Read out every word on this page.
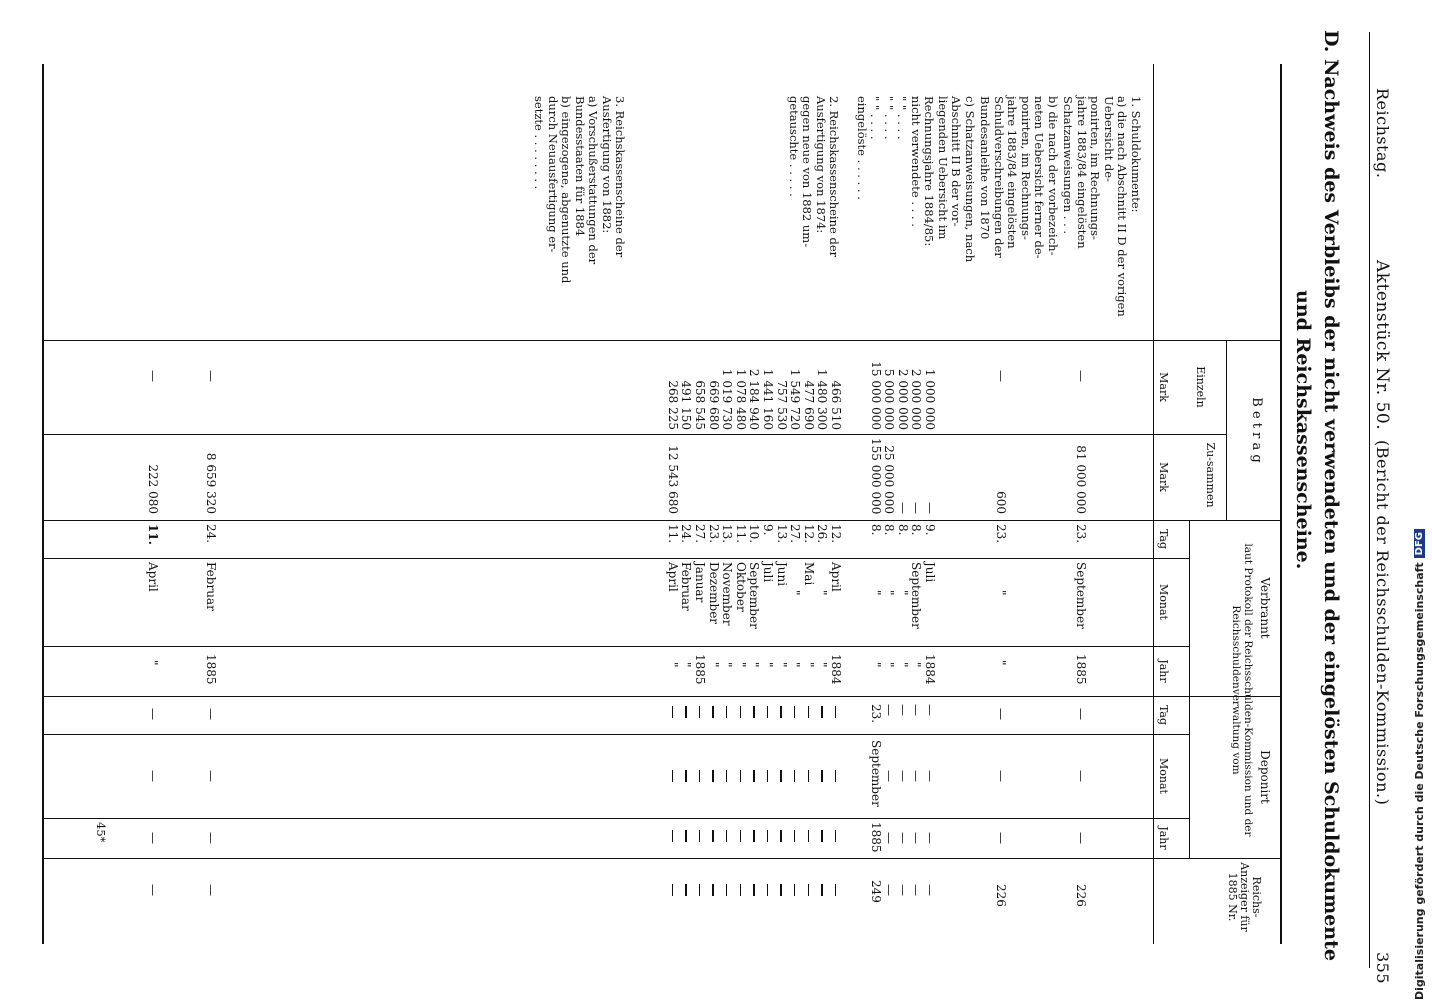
Reichstag.
Aktenstück Nr. 50.
(Bericht der Reichsschulden-Kommission.)
355
D. Nachweis des Verbleibs der nicht verwendeten und der eingelösten Schuldokumente
und Reichskassenscheine.
B e t r a g
Einzeln
Zu-sammen
Mark
Mark
Verbrannt
Deponirt
laut Protokoll der Reichsschulden-Kommission und der Reichsschuldenverwaltung vom
Tag
Monat
Jahr
Tag
Monat
Jahr
Reichs-Anzeiger für 1885 Nr.
1. Schuldokumente:
a) die nach Abschnitt II D der vorigen Uebersicht de-
ponirten, im Rechnungs-
jahre 1883/84 eingelösten
Schatzanweisungen . . .
b) die nach der vorbezeich-
neten Uebersicht ferner de-
ponirten, im Rechnungs-
jahre 1883/84 eingelösten
Schuldverschreibungen der
Bundesanleihe von 1870
c) Schatzanweisungen, nach
Abschnitt II B der vor-
liegenden Uebersicht im
Rechnungsjahre 1884/85:
nicht verwendete . . . .
" " . . . .
" " . . . .
" " . . . .
eingelöste . . . . . .
2. Reichskassenscheine der
Ausfertigung von 1874:
gegen neue von 1882 um-
getauschte . . . . .
3. Reichskassenscheine der
Ausfertigung von 1882:
a) Vorschußerstattungen der
Bundesstaaten für 1884
b) eingezogene, abgenutzte und
durch Neuausfertigung er-
setzte . . . . . . . .
—
81 000 000
23.
September
1885
—
—
—
226
—
600
23.
"
"
—
—
—
226
1 000 000
2 000 000
2 000 000
5 000 000
15 000 000
—
—
—
25 000 000
155 000 000
9.
8.
8.
8.
8.
Juli
September
"
"
"
1884
"
"
"
"
—
—
—
—
23.
—
—
—
—
September
—
—
—
—
1885
—
—
—
—
249
466 510
1 480 300
477 690
1 549 720
757 530
1 441 160
2 184 940
1 078 480
1 019 730
669 680
658 545
491 150
268 225
12 543 680
12.
26.
12.
27.
13.
9.
10.
11.
13.
23.
27.
24.
11.
April
"
Mai
"
Juni
Juli
September
Oktober
November
Dezember
Januar
Februar
April
1884
"
"
"
"
"
"
"
"
"
1885
"
"
—
8 659 320
24.
Februar
1885
—
—
—
—
—
222 080
11.
April
"
—
—
—
—
45*	Digitalisierung gefördert durch die Deutsche Forschungsgemeinschaft
DFG
